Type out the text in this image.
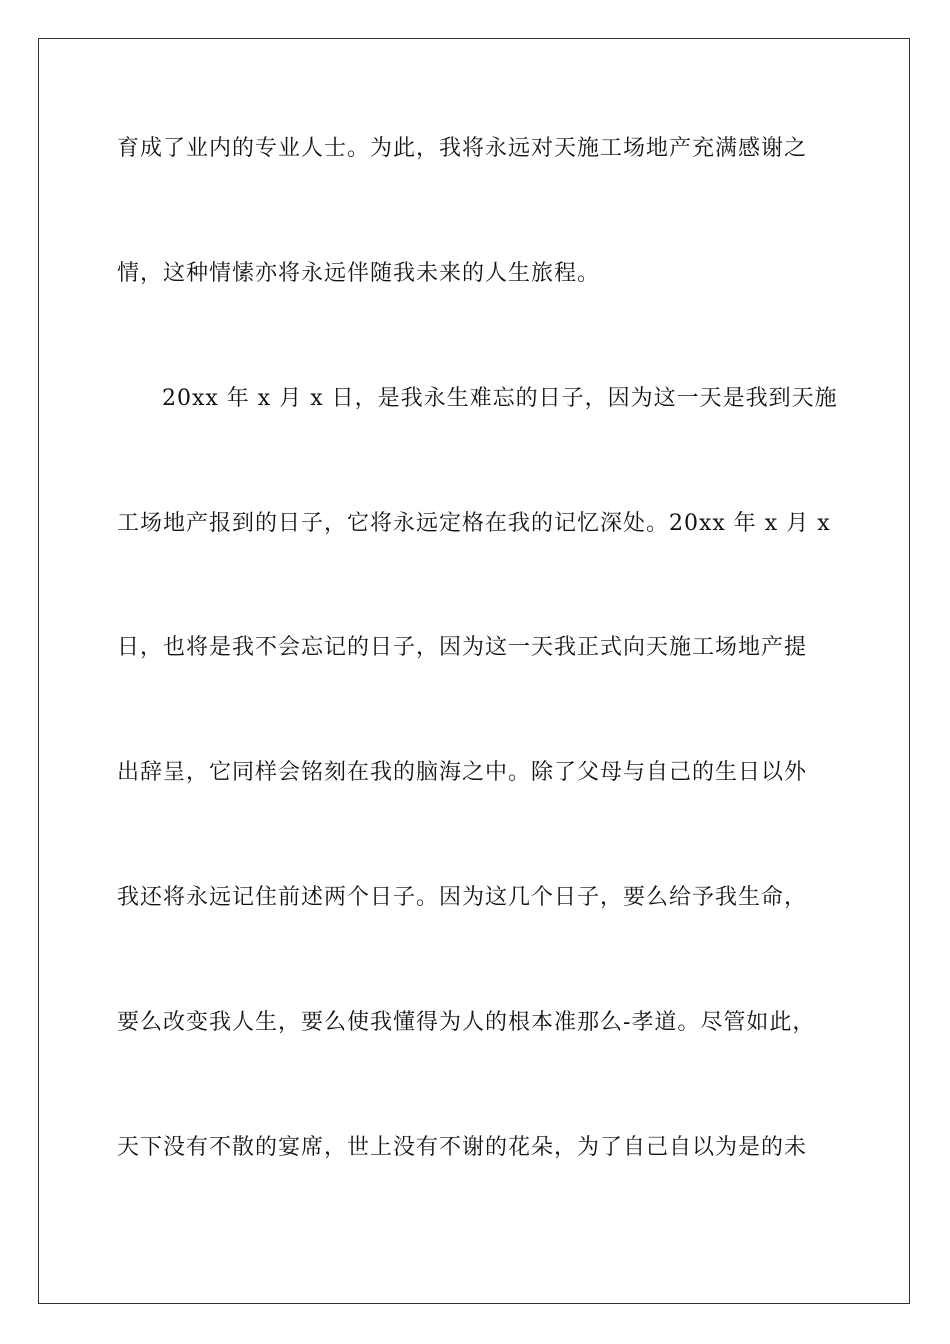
育成了业内的专业人士。为此，我将永远对天施工场地产充满感谢之
情，这种情愫亦将永远伴随我未来的人生旅程。
20xx 年 x 月 x 日，是我永生难忘的日子，因为这一天是我到天施
工场地产报到的日子，它将永远定格在我的记忆深处。20xx 年 x 月 x
日，也将是我不会忘记的日子，因为这一天我正式向天施工场地产提
出辞呈，它同样会铭刻在我的脑海之中。除了父母与自己的生日以外
我还将永远记住前述两个日子。因为这几个日子，要么给予我生命，
要么改变我人生，要么使我懂得为人的根本准那么-孝道。尽管如此，
天下没有不散的宴席，世上没有不谢的花朵，为了自己自以为是的未
